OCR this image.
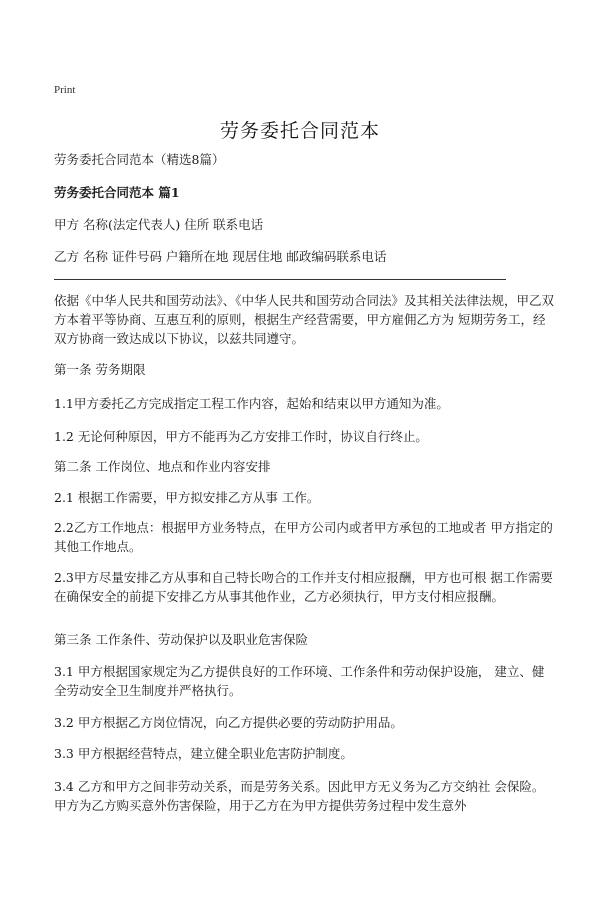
Print
劳务委托合同范本
劳务委托合同范本（精选8篇）
劳务委托合同范本 篇1
甲方 名称(法定代表人) 住所 联系电话
乙方 名称 证件号码 户籍所在地 现居住地 邮政编码联系电话
依据《中华人民共和国劳动法》、《中华人民共和国劳动合同法》及其相关法律法规，甲乙双方本着平等协商、互惠互利的原则，根据生产经营需要，甲方雇佣乙方为 短期劳务工，经双方协商一致达成以下协议，以兹共同遵守。
第一条 劳务期限
1.1甲方委托乙方完成指定工程工作内容，起始和结束以甲方通知为准。
1.2 无论何种原因，甲方不能再为乙方安排工作时，协议自行终止。
第二条 工作岗位、地点和作业内容安排
2.1 根据工作需要，甲方拟安排乙方从事 工作。
2.2乙方工作地点：根据甲方业务特点，在甲方公司内或者甲方承包的工地或者 甲方指定的其他工作地点。
2.3甲方尽量安排乙方从事和自己特长吻合的工作并支付相应报酬，甲方也可根 据工作需要在确保安全的前提下安排乙方从事其他作业，乙方必须执行，甲方支付相应报酬。
第三条 工作条件、劳动保护以及职业危害保险
3.1 甲方根据国家规定为乙方提供良好的工作环境、工作条件和劳动保护设施， 建立、健全劳动安全卫生制度并严格执行。
3.2 甲方根据乙方岗位情况，向乙方提供必要的劳动防护用品。
3.3 甲方根据经营特点，建立健全职业危害防护制度。
3.4 乙方和甲方之间非劳动关系，而是劳务关系。因此甲方无义务为乙方交纳社 会保险。甲方为乙方购买意外伤害保险，用于乙方在为甲方提供劳务过程中发生意外
